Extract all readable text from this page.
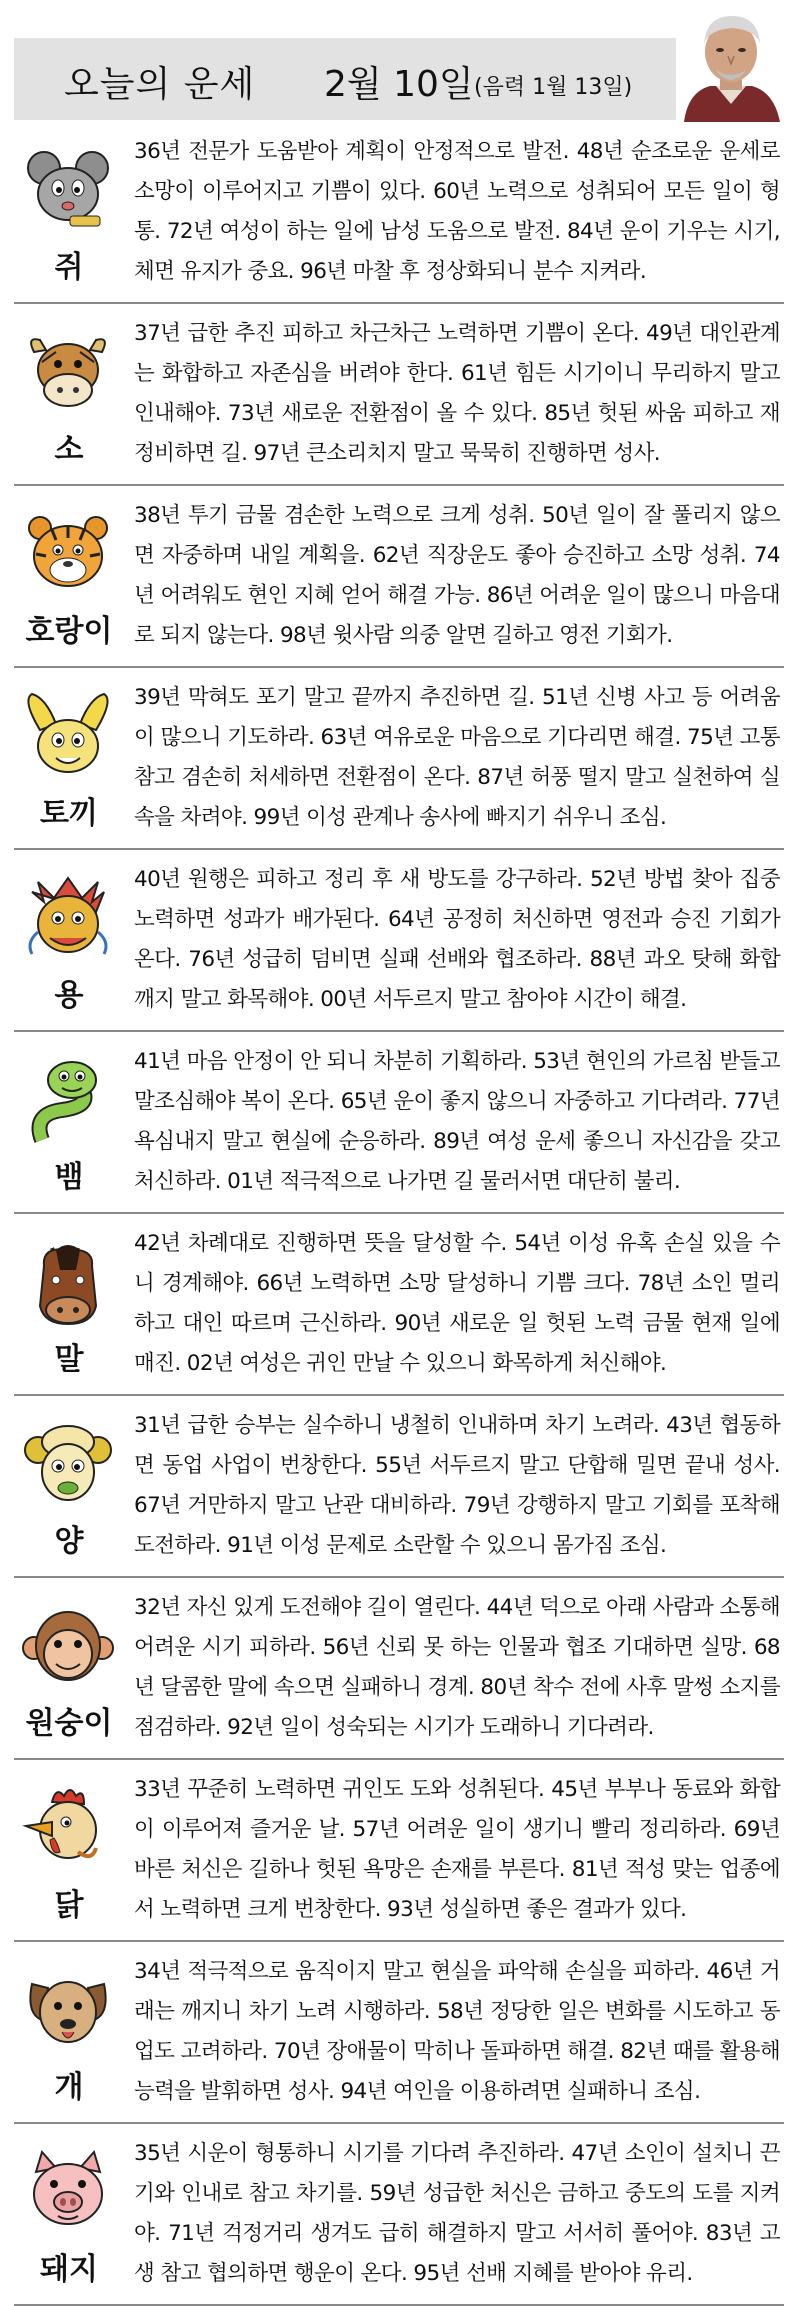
오늘의 운세 2월 10일 (음력 1월 13일)
쥐
36년 전문가 도움받아 계획이 안정적으로 발전. 48년 순조로운 운세로 소망이 이루어지고 기쁨이 있다. 60년 노력으로 성취되어 모든 일이 형통. 72년 여성이 하는 일에 남성 도움으로 발전. 84년 운이 기우는 시기, 체면 유지가 중요. 96년 마찰 후 정상화되니 분수 지켜라.
소
37년 급한 추진 피하고 차근차근 노력하면 기쁨이 온다. 49년 대인관계는 화합하고 자존심을 버려야 한다. 61년 힘든 시기이니 무리하지 말고 인내해야. 73년 새로운 전환점이 올 수 있다. 85년 헛된 싸움 피하고 재정비하면 길. 97년 큰소리치지 말고 묵묵히 진행하면 성사.
호랑이
38년 투기 금물 겸손한 노력으로 크게 성취. 50년 일이 잘 풀리지 않으면 자중하며 내일 계획을. 62년 직장운도 좋아 승진하고 소망 성취. 74년 어려워도 현인 지혜 얻어 해결 가능. 86년 어려운 일이 많으니 마음대로 되지 않는다. 98년 윗사람 의중 알면 길하고 영전 기회가.
토끼
39년 막혀도 포기 말고 끝까지 추진하면 길. 51년 신병 사고 등 어려움이 많으니 기도하라. 63년 여유로운 마음으로 기다리면 해결. 75년 고통 참고 겸손히 처세하면 전환점이 온다. 87년 허풍 떨지 말고 실천하여 실속을 차려야. 99년 이성 관계나 송사에 빠지기 쉬우니 조심.
용
40년 원행은 피하고 정리 후 새 방도를 강구하라. 52년 방법 찾아 집중 노력하면 성과가 배가된다. 64년 공정히 처신하면 영전과 승진 기회가 온다. 76년 성급히 덤비면 실패 선배와 협조하라. 88년 과오 탓해 화합 깨지 말고 화목해야. 00년 서두르지 말고 참아야 시간이 해결.
뱀
41년 마음 안정이 안 되니 차분히 기획하라. 53년 현인의 가르침 받들고 말조심해야 복이 온다. 65년 운이 좋지 않으니 자중하고 기다려라. 77년 욕심내지 말고 현실에 순응하라. 89년 여성 운세 좋으니 자신감을 갖고 처신하라. 01년 적극적으로 나가면 길 물러서면 대단히 불리.
말
42년 차례대로 진행하면 뜻을 달성할 수. 54년 이성 유혹 손실 있을 수니 경계해야. 66년 노력하면 소망 달성하니 기쁨 크다. 78년 소인 멀리하고 대인 따르며 근신하라. 90년 새로운 일 헛된 노력 금물 현재 일에 매진. 02년 여성은 귀인 만날 수 있으니 화목하게 처신해야.
양
31년 급한 승부는 실수하니 냉철히 인내하며 차기 노려라. 43년 협동하면 동업 사업이 번창한다. 55년 서두르지 말고 단합해 밀면 끝내 성사. 67년 거만하지 말고 난관 대비하라. 79년 강행하지 말고 기회를 포착해 도전하라. 91년 이성 문제로 소란할 수 있으니 몸가짐 조심.
원숭이
32년 자신 있게 도전해야 길이 열린다. 44년 덕으로 아래 사람과 소통해 어려운 시기 피하라. 56년 신뢰 못 하는 인물과 협조 기대하면 실망. 68년 달콤한 말에 속으면 실패하니 경계. 80년 착수 전에 사후 말썽 소지를 점검하라. 92년 일이 성숙되는 시기가 도래하니 기다려라.
닭
33년 꾸준히 노력하면 귀인도 도와 성취된다. 45년 부부나 동료와 화합이 이루어져 즐거운 날. 57년 어려운 일이 생기니 빨리 정리하라. 69년 바른 처신은 길하나 헛된 욕망은 손재를 부른다. 81년 적성 맞는 업종에서 노력하면 크게 번창한다. 93년 성실하면 좋은 결과가 있다.
개
34년 적극적으로 움직이지 말고 현실을 파악해 손실을 피하라. 46년 거래는 깨지니 차기 노려 시행하라. 58년 정당한 일은 변화를 시도하고 동업도 고려하라. 70년 장애물이 막히나 돌파하면 해결. 82년 때를 활용해 능력을 발휘하면 성사. 94년 여인을 이용하려면 실패하니 조심.
돼지
35년 시운이 형통하니 시기를 기다려 추진하라. 47년 소인이 설치니 끈기와 인내로 참고 차기를. 59년 성급한 처신은 금하고 중도의 도를 지켜야. 71년 걱정거리 생겨도 급히 해결하지 말고 서서히 풀어야. 83년 고생 참고 협의하면 행운이 온다. 95년 선배 지혜를 받아야 유리.
